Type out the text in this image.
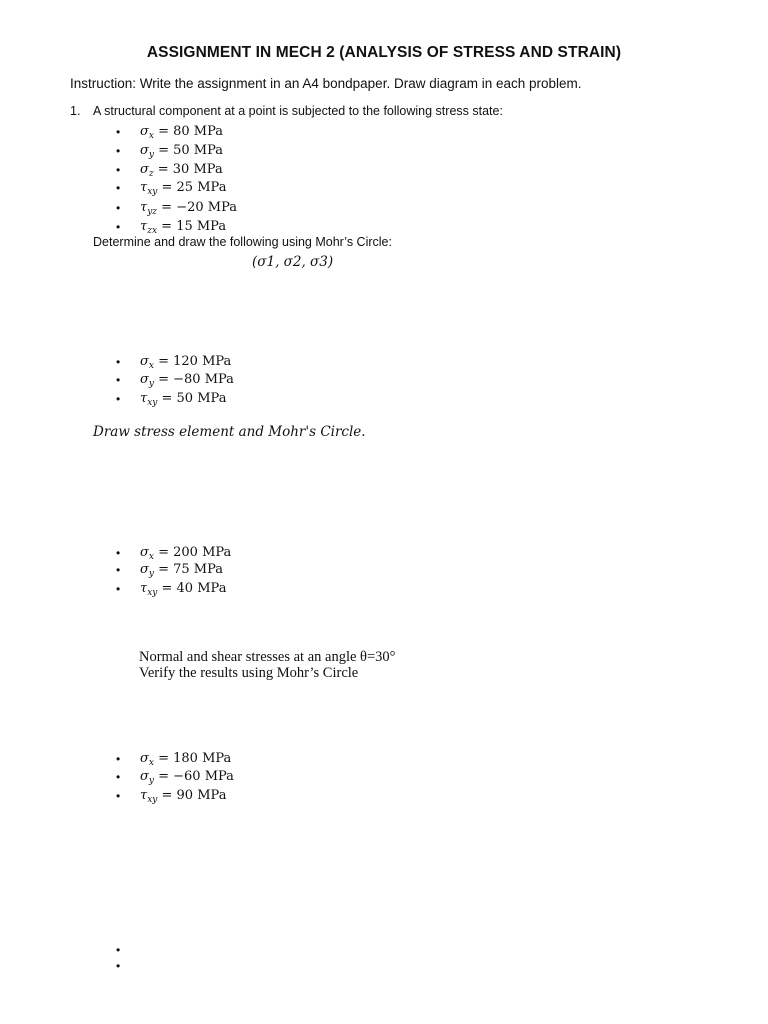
ASSIGNMENT IN MECH 2 (ANALYSIS OF STRESS AND STRAIN)
Instruction: Write the assignment in an A4 bondpaper. Draw diagram in each problem.
1. A structural component at a point is subjected to the following stress state:
• $\sigma_x = 80$ MPa
• $\sigma_y = 50$ MPa
• $\sigma_z = 30$ MPa
• $\tau_{xy} = 25$ MPa
• $\tau_{yz} = -20$ MPa
• $\tau_{zx} = 15$ MPa
Determine and draw the following using Mohr’s Circle:
(σ1, σ2, σ3)
• $\sigma_x = 120$ MPa
• $\sigma_y = -80$ MPa
• $\tau_{xy} = 50$ MPa
Draw stress element and Mohr's Circle.
• $\sigma_x = 200$ MPa
• $\sigma_y = 75$ MPa
• $\tau_{xy} = 40$ MPa
Normal and shear stresses at an angle θ=30°
Verify the results using Mohr’s Circle
• $\sigma_x = 180$ MPa
• $\sigma_y = -60$ MPa
• $\tau_{xy} = 90$ MPa
•
•
